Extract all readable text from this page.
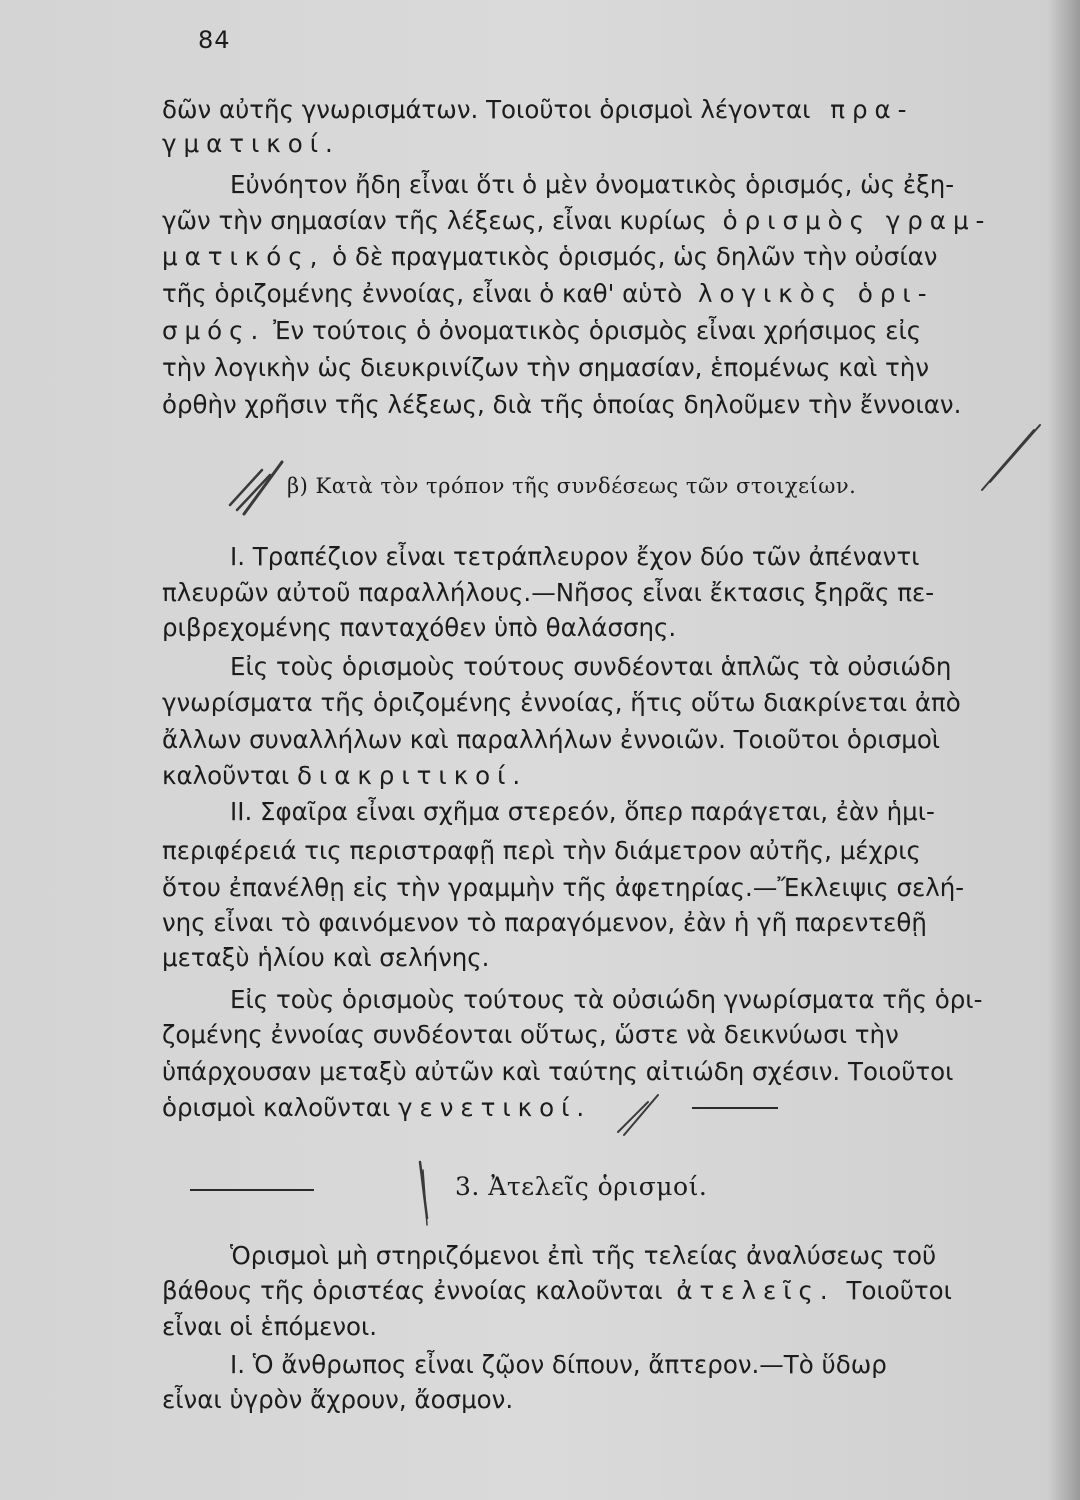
84
δῶν αὐτῆς γνωρισμάτων. Τοιοῦτοι ὁρισμοὶ λέγονται πρα-
γματικοί.
Εὐνόητον ἤδη εἶναι ὅτι ὁ μὲν ὀνοματικὸς ὁρισμός, ὡς ἐξη-
γῶν τὴν σημασίαν τῆς λέξεως, εἶναι κυρίως ὁρισμὸς γραμ-
ματικός, ὁ δὲ πραγματικὸς ὁρισμός, ὡς δηλῶν τὴν οὐσίαν
τῆς ὁριζομένης ἐννοίας, εἶναι ὁ καθ' αὑτὸ λογικὸς ὁρι-
σμός. Ἐν τούτοις ὁ ὀνοματικὸς ὁρισμὸς εἶναι χρήσιμος εἰς
τὴν λογικὴν ὡς διευκρινίζων τὴν σημασίαν, ἑπομένως καὶ τὴν
ὀρθὴν χρῆσιν τῆς λέξεως, διὰ τῆς ὁποίας δηλοῦμεν τὴν ἔννοιαν.
β) Κατὰ τὸν τρόπον τῆς συνδέσεως τῶν στοιχείων.
Ι. Τραπέζιον εἶναι τετράπλευρον ἔχον δύο τῶν ἀπέναντι
πλευρῶν αὐτοῦ παραλλήλους.—Νῆσος εἶναι ἔκτασις ξηρᾶς πε-
ριβρεχομένης πανταχόθεν ὑπὸ θαλάσσης.
Εἰς τοὺς ὁρισμοὺς τούτους συνδέονται ἁπλῶς τὰ οὐσιώδη
γνωρίσματα τῆς ὁριζομένης ἐννοίας, ἥτις οὕτω διακρίνεται ἀπὸ
ἄλλων συναλλήλων καὶ παραλλήλων ἐννοιῶν. Τοιοῦτοι ὁρισμοὶ
καλοῦνται διακριτικοί.
ΙΙ. Σφαῖρα εἶναι σχῆμα στερεόν, ὅπερ παράγεται, ἐὰν ἡμι-
περιφέρειά τις περιστραφῇ περὶ τὴν διάμετρον αὐτῆς, μέχρις
ὅτου ἐπανέλθῃ εἰς τὴν γραμμὴν τῆς ἀφετηρίας.—Ἔκλειψις σελή-
νης εἶναι τὸ φαινόμενον τὸ παραγόμενον, ἐὰν ἡ γῆ παρεντεθῇ
μεταξὺ ἡλίου καὶ σελήνης.
Εἰς τοὺς ὁρισμοὺς τούτους τὰ οὐσιώδη γνωρίσματα τῆς ὁρι-
ζομένης ἐννοίας συνδέονται οὕτως, ὥστε νὰ δεικνύωσι τὴν
ὑπάρχουσαν μεταξὺ αὐτῶν καὶ ταύτης αἰτιώδη σχέσιν. Τοιοῦτοι
ὁρισμοὶ καλοῦνται γενετικοί.
3. Ἀτελεῖς ὁρισμοί.
Ὁρισμοὶ μὴ στηριζόμενοι ἐπὶ τῆς τελείας ἀναλύσεως τοῦ
βάθους τῆς ὁριστέας ἐννοίας καλοῦνται ἀτελεῖς. Τοιοῦτοι
εἶναι οἱ ἑπόμενοι.
Ι. Ὁ ἄνθρωπος εἶναι ζῷον δίπουν, ἄπτερον.—Τὸ ὕδωρ
εἶναι ὑγρὸν ἄχρουν, ἄοσμον.
